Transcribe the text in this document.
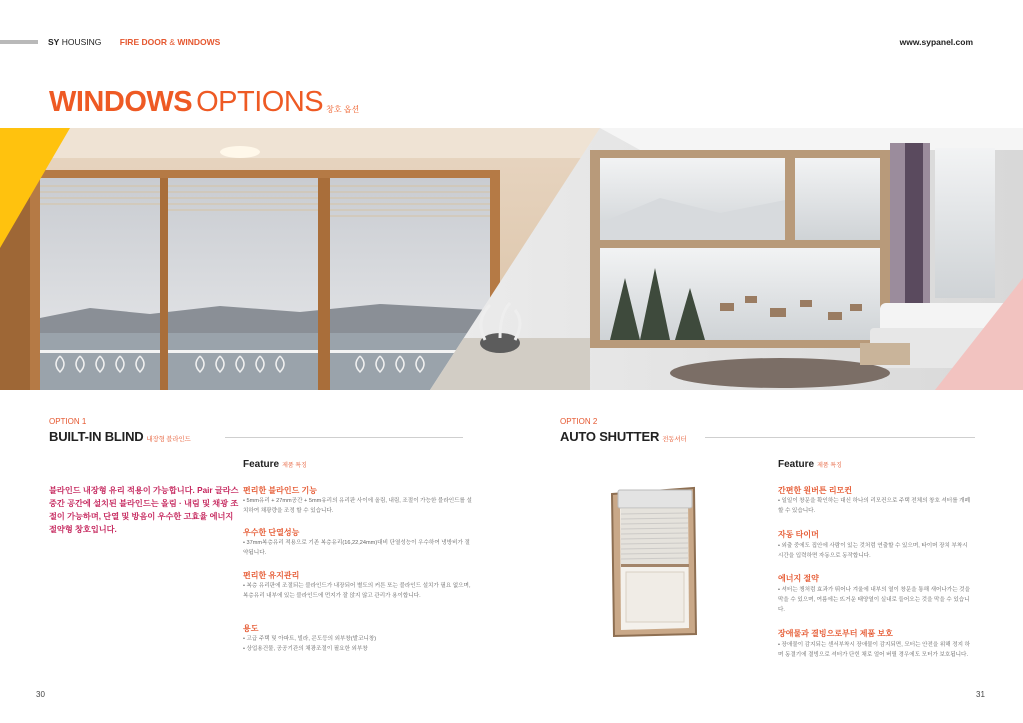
SY HOUSING FIRE DOOR & WINDOWS	www.sypanel.com
WINDOWS OPTIONS 창호 옵션
OPTION 1
BUILT-IN BLIND 내장형 블라인드
OPTION 2
AUTO SHUTTER 전동셔터
Feature 제품 특징	Feature 제품 특징
블라인드 내장형 유리 적용이 가능합니다. Pair 글라스 중간 공간에 설치된 블라인드는 올림 · 내림 및 채광 조절이 가능하며, 단열 및 방음이 우수한 고효율 에너지 절약형 창호입니다.
편리한 블라인드 기능
• 5mm유리 + 27mm공간 + 5mm유리의 유리판 사이에 올림, 내림, 조절이 가능한 블라인드를 설치하여 채광량을 조정 할 수 있습니다.
우수한 단열성능
• 37mm복층유리 적용으로 기존 복층유리(16,22,24mm)대비 단열성능이 우수하여 냉방비가 절약됩니다.
편리한 유지관리
• 복층 유리판에 조절되는 블라인드가 내장되어 별도의 커튼 또는 블라인드 설치가 필요 없으며, 복층유리 내부에 있는 블라인드에 먼지가 잘 앉지 않고 관리가 용이합니다.
용도
• 고급 주택 및 아파트, 빌라, 콘도등의 외부창(발코니창)
• 상업용건물, 공공기관의 채광조절이 필요한 외부창
간편한 원버튼 리모컨
• 일일이 창문을 확인하는 대신 하나의 리모컨으로 주택 전체의 창호 셔터를 개폐할 수 있습니다.
자동 타이머
• 외출 중에도 집안에 사람이 있는 것처럼 연출할 수 있으며, 타이머 장치 부착시 시간을 입력하면 자동으로 동작합니다.
에너지 절약
• 셔터는 챙처럼 효과가 뛰어나 겨울에 내부의 열이 창문을 통해 새어나가는 것을 막을 수 있으며, 여름에는 뜨거운 태양열이 실내로 들어오는 것을 막을 수 있습니다.
장애물과 결빙으로부터 제품 보호
• 장애물이 감지되는 센서부착시 장애물이 감지되면, 모터는 안전을 위해 정지 하며 동결기에 결빙으로 셔터가 단힌 채로 얼어 버릴 경우에도 모터가 보호됩니다.
30	31
